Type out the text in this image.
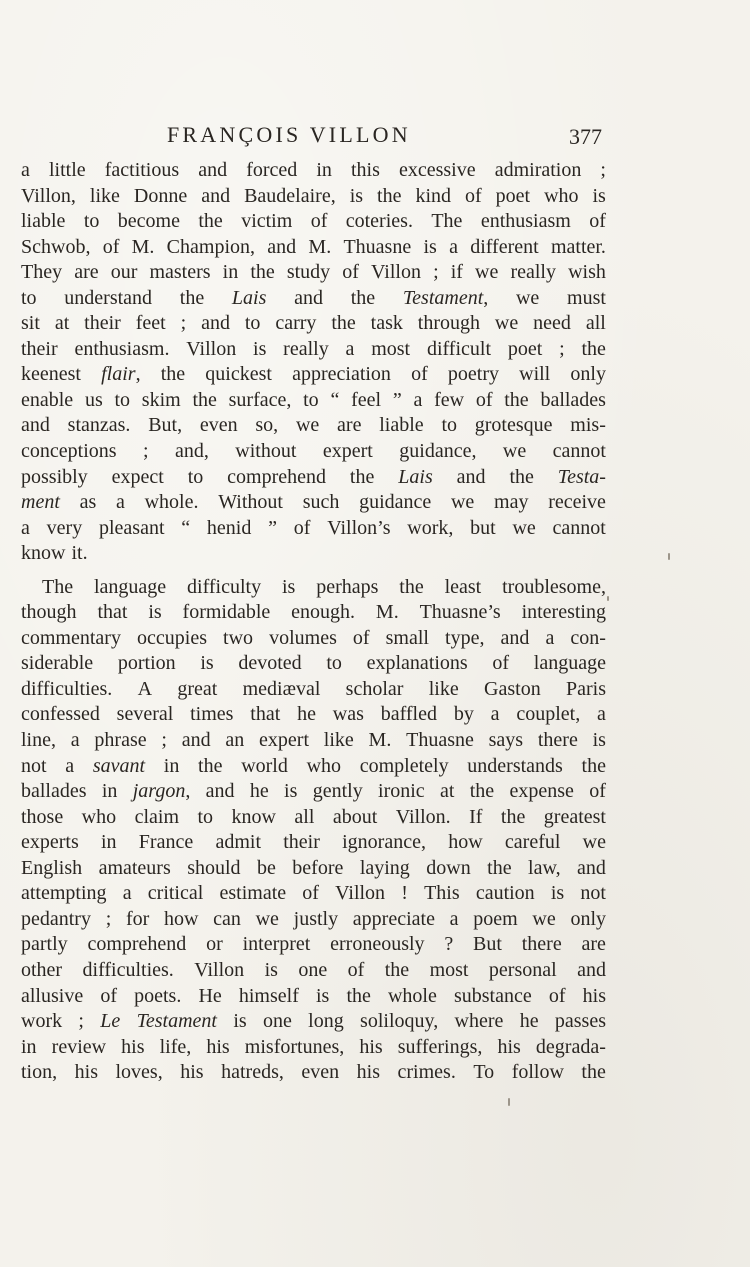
FRANÇOIS VILLON	377
a little factitious and forced in this excessive admiration ;
Villon, like Donne and Baudelaire, is the kind of poet who is
liable to become the victim of coteries. The enthusiasm of
Schwob, of M. Champion, and M. Thuasne is a different matter.
They are our masters in the study of Villon ; if we really wish
to understand the Lais and the Testament, we must
sit at their feet ; and to carry the task through we need all
their enthusiasm. Villon is really a most difficult poet ; the
keenest flair, the quickest appreciation of poetry will only
enable us to skim the surface, to “ feel ” a few of the ballades
and stanzas. But, even so, we are liable to grotesque mis-
conceptions ; and, without expert guidance, we cannot
possibly expect to comprehend the Lais and the Testa-
ment as a whole. Without such guidance we may receive
a very pleasant “ henid ” of Villon’s work, but we cannot
know it.
The language difficulty is perhaps the least troublesome,
though that is formidable enough. M. Thuasne’s interesting
commentary occupies two volumes of small type, and a con-
siderable portion is devoted to explanations of language
difficulties. A great mediæval scholar like Gaston Paris
confessed several times that he was baffled by a couplet, a
line, a phrase ; and an expert like M. Thuasne says there is
not a savant in the world who completely understands the
ballades in jargon, and he is gently ironic at the expense of
those who claim to know all about Villon. If the greatest
experts in France admit their ignorance, how careful we
English amateurs should be before laying down the law, and
attempting a critical estimate of Villon ! This caution is not
pedantry ; for how can we justly appreciate a poem we only
partly comprehend or interpret erroneously ? But there are
other difficulties. Villon is one of the most personal and
allusive of poets. He himself is the whole substance of his
work ; Le Testament is one long soliloquy, where he passes
in review his life, his misfortunes, his sufferings, his degrada-
tion, his loves, his hatreds, even his crimes. To follow the
